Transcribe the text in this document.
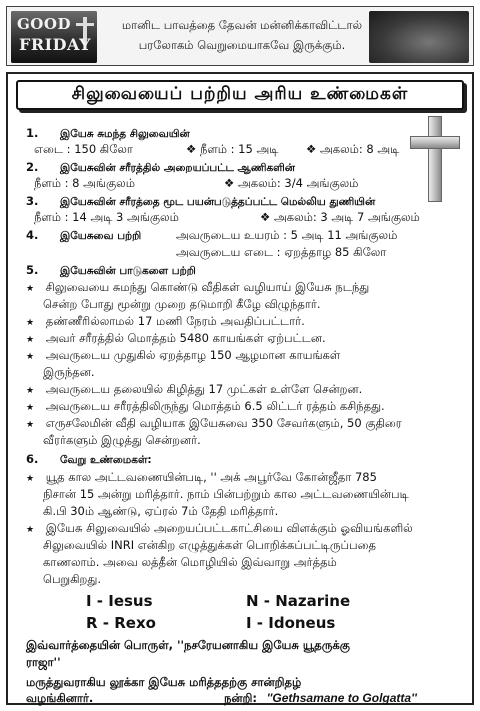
GOOD
FRIDAY
மானிட பாவத்தை தேவன் மன்னிக்காவிட்டால்
பரலோகம் வெறுமையாகவே இருக்கும்.
சிலுவையைப் பற்றிய அரிய உண்மைகள்
1. இயேசு சுமந்த சிலுவையின்
எடை : 150 கிலோ	❖ நீளம் : 15 அடி ❖ அகலம்: 8 அடி
2. இயேசுவின் சரீரத்தில் அறையப்பட்ட ஆணிகளின்
நீளம் : 8 அங்குலம்	❖ அகலம்: 3/4 அங்குலம்
3. இயேசுவின் சரீரத்தை மூட பயன்படுத்தப்பட்ட மெல்லிய துணியின்
நீளம் : 14 அடி 3 அங்குலம்	❖ அகலம்: 3 அடி 7 அங்குலம்
4. இயேசுவை பற்றி	அவருடைய உயரம் : 5 அடி 11 அங்குலம்
அவருடைய எடை : ஏறத்தாழ 85 கிலோ
5. இயேசுவின் பாடுகளை பற்றி
★ சிலுவையை சுமந்து கொண்டு வீதிகள் வழியாய் இயேசு நடந்து
சென்ற போது மூன்று முறை தடுமாறி கீழே விழுந்தார்.
★ தண்ணீரில்லாமல் 17 மணி நேரம் அவதிப்பட்டார்.
★ அவர் சரீரத்தில் மொத்தம் 5480 காயங்கள் ஏற்பட்டன.
★ அவருடைய முதுகில் ஏறத்தாழ 150 ஆழமான காயங்கள்
இருந்தன.
★ அவருடைய தலையில் கிழித்து 17 முட்கள் உள்ளே சென்றன.
★ அவருடைய சரீரத்திலிருந்து மொத்தம் 6.5 லிட்டர் ரத்தம் கசிந்தது.
★ எருசலேமின் வீதி வழியாக இயேசுவை 350 சேவர்களும், 50 குதிரை
வீரர்களும் இழுத்து சென்றனர்.
6. வேறு உண்மைகள்:
★ யூத கால அட்டவணையின்படி, '' அக் அபூர்வே கோன்ஜீதா 785
நிசான் 15 அன்று மரித்தார். நாம் பின்பற்றும் கால அட்டவணையின்படி
கி.பி 30ம் ஆண்டு, ஏப்ரல் 7ம் தேதி மரித்தார்.
★ இயேசு சிலுவையில் அறையப்பட்டகாட்சியை விளக்கும் ஓவியங்களில்
சிலுவையில் INRI என்கிற எழுத்துக்கள் பொறிக்கப்பட்டிருப்பதை
காணலாம். அவை லத்தீன் மொழியில் இவ்வாறு அர்த்தம்
பெறுகிறது.
I - Iesus	N - Nazarine
R - Rexo	I - Idoneus
இவ்வார்த்தையின் பொருள், ''நசரேயனாகிய இயேசு யூதருக்கு
ராஜா''
மருத்துவராகிய லூக்கா இயேசு மரித்ததற்கு சான்றிதழ்
வழங்கினார்.	நன்றி: ''Gethsamane to Golgatta''
